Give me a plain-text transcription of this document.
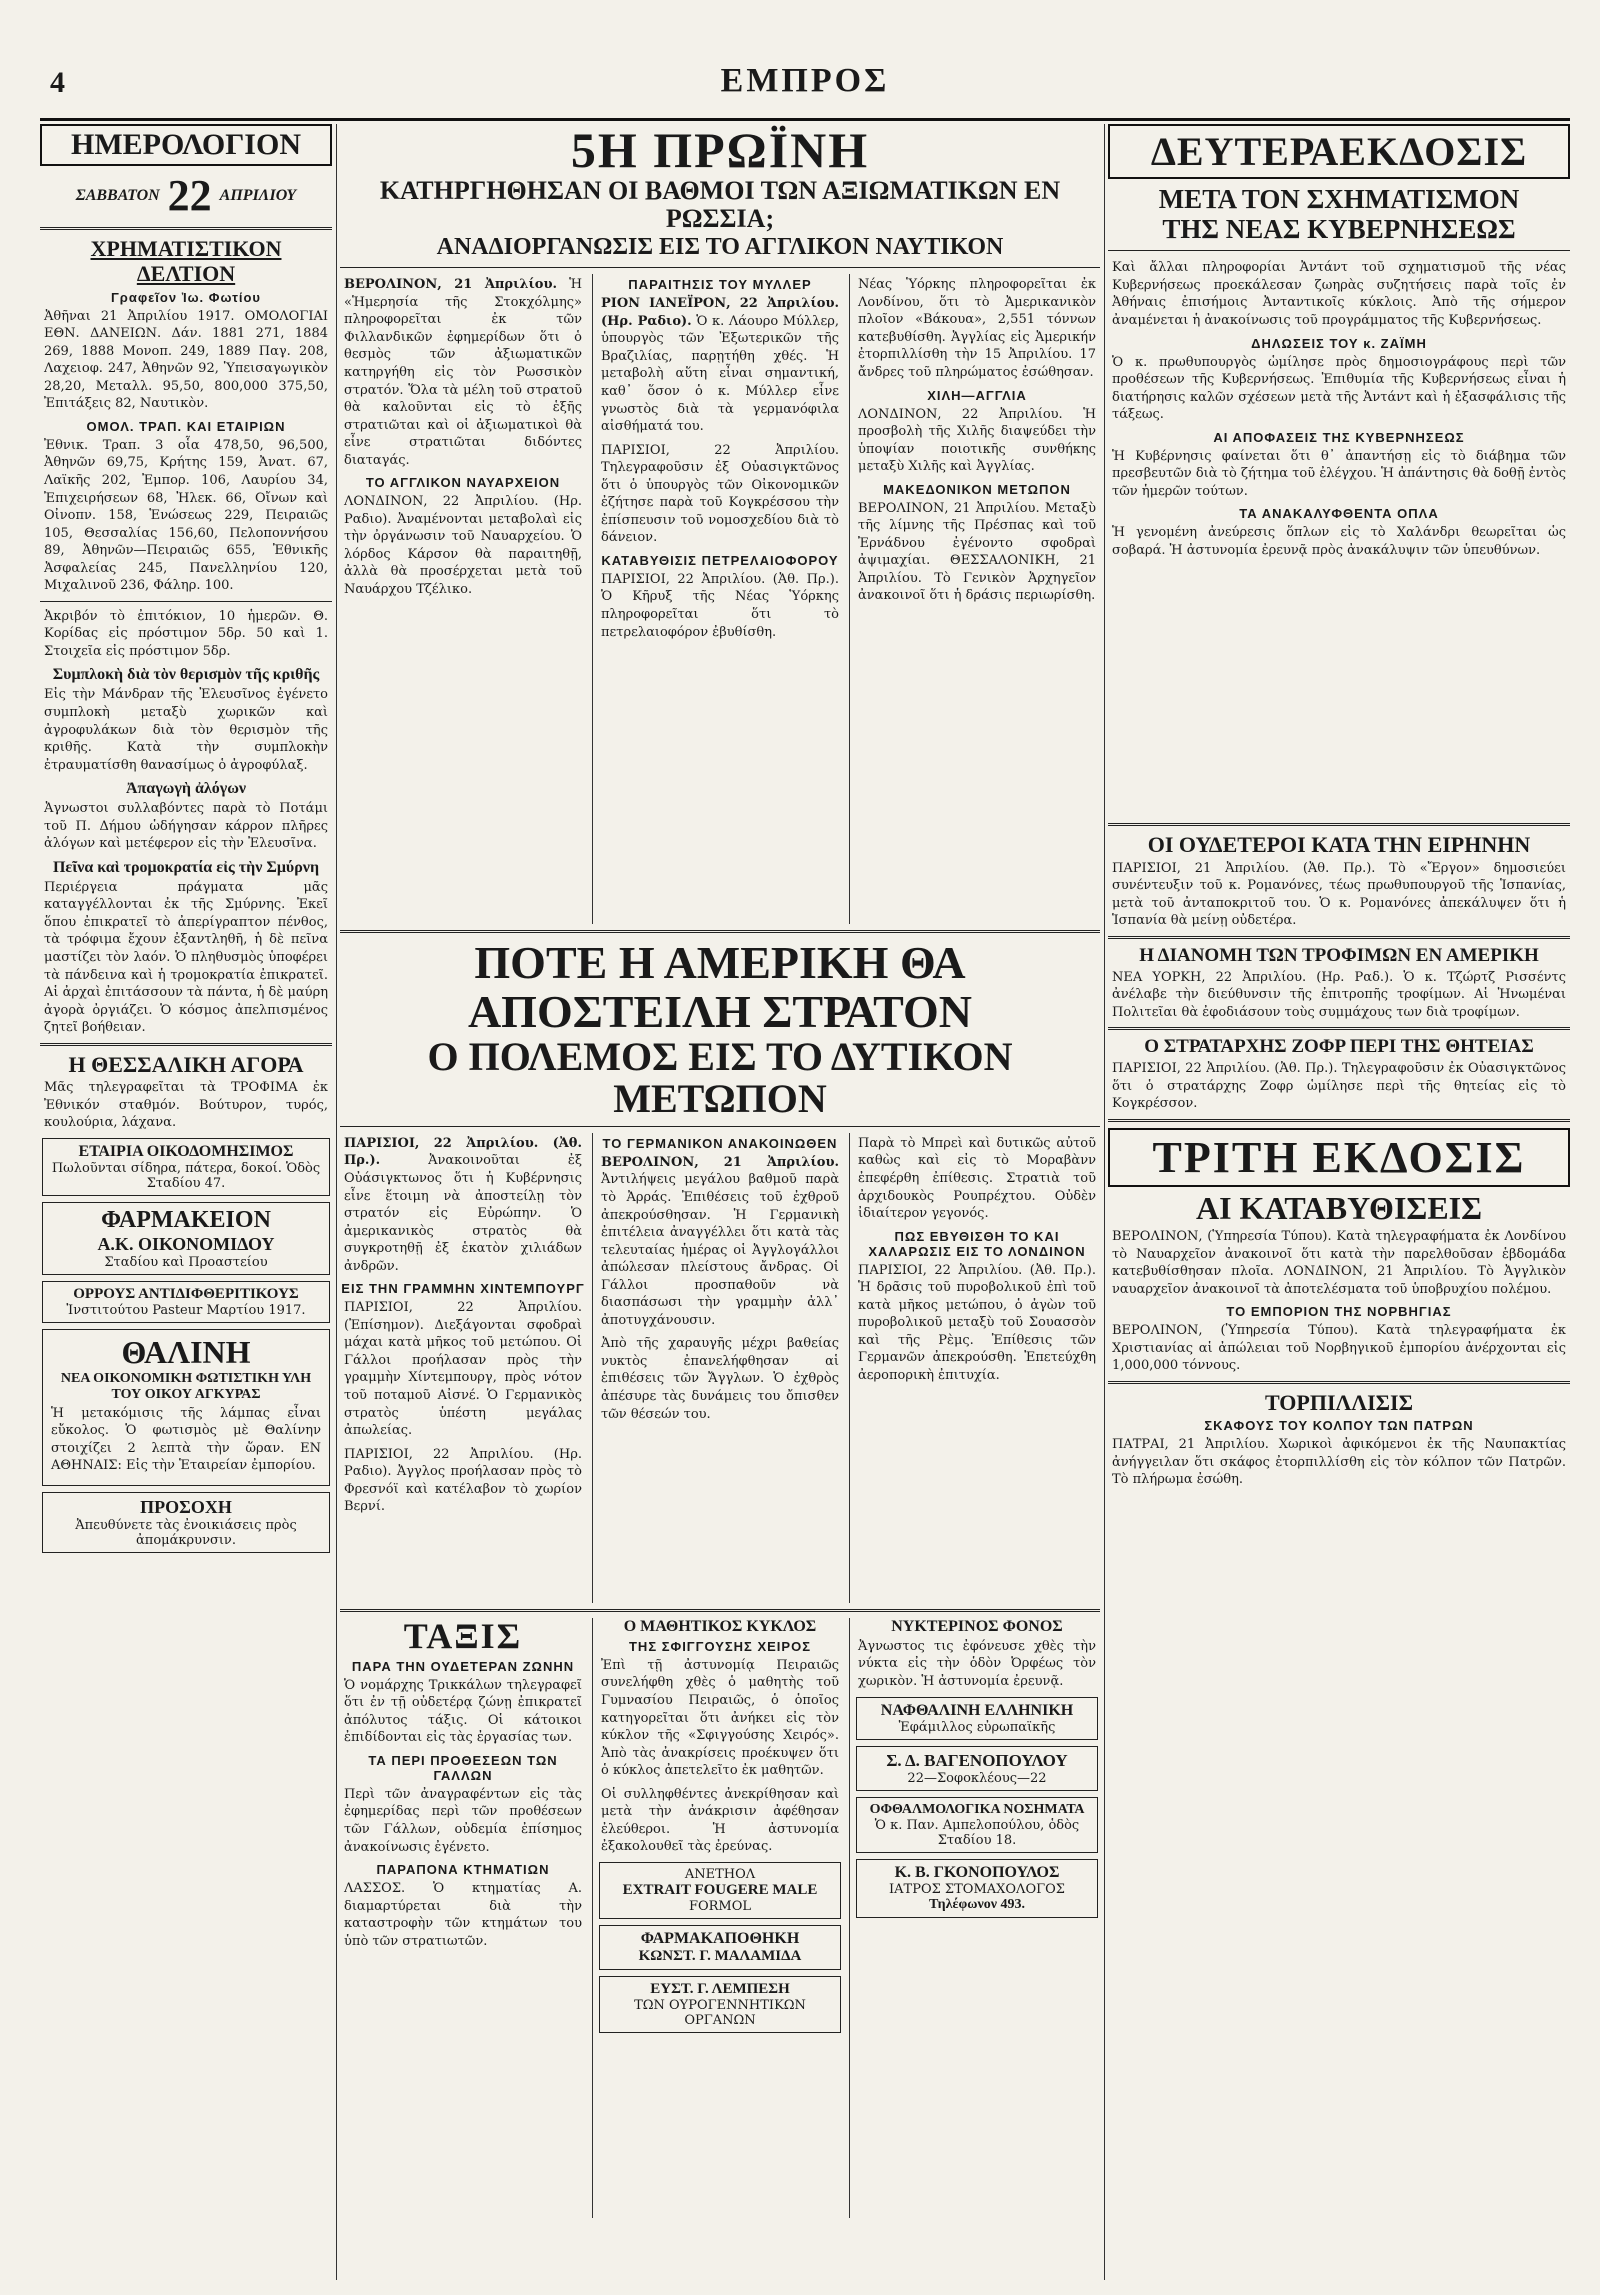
4	ΕΜΠΡΟΣ
ΗΜΕΡΟΛΟΓΙΟΝ
ΣΑΒΒΑΤΟΝ 22 ΑΠΡΙΛΙΟΥ
ΧΡΗΜΑΤΙΣΤΙΚΟΝ ΔΕΛΤΙΟΝ
Γραφεῖον Ἰω. Φωτίου

Ἀθῆναι 21 Ἀπριλίου 1917. ΟΜΟΛΟΓΙΑΙ ΕΘΝ. ΔΑΝΕΙΩΝ. Δάν. 1881 271, 1884 269, 1888 Μονοπ. 249, 1889 Παγ. 208, Λαχειοφ. 247, Ἀθηνῶν 92, Ὑπεισαγωγικὸν 28,20, Μεταλλ. 95,50, 800,000 375,50, Ἐπιτάξεις 82, Ναυτικὸν.

ΟΜΟΛ. ΤΡΑΠ. ΚΑΙ ΕΤΑΙΡΙΩΝ

Ἐθνικ. Τραπ. 3 οἷα 478,50, 96,500, Ἀθηνῶν 69,75, Κρήτης 159, Ἀνατ. 67, Λαϊκῆς 202, Ἐμπορ. 106, Λαυρίου 34, Ἐπιχειρήσεων 68, Ἠλεκ. 66, Οἴνων καὶ Οἰνοπν. 158, Ἑνώσεως 229, Πειραιῶς 105, Θεσσαλίας 156,60, Πελοποννήσου 89, Ἀθηνῶν—Πειραιῶς 655, Ἐθνικῆς Ἀσφαλείας 245, Πανελληνίου 120, Μιχαλινοῦ 236, Φάληρ. 100.

Ἀκριβόν τὸ ἐπιτόκιον, 10 ἡμερῶν. Θ. Κορίδας εἰς πρόστιμον 5δρ. 50 καὶ 1. Στοιχεῖα εἰς πρόστιμον 5δρ.

Συμπλοκὴ διὰ τὸν θερισμὸν τῆς κριθῆς

Εἰς τὴν Μάνδραν τῆς Ἐλευσῖνος ἐγένετο συμπλοκὴ μεταξὺ χωρικῶν καὶ ἀγροφυλάκων διὰ τὸν θερισμὸν τῆς κριθῆς. Κατὰ τὴν συμπλοκὴν ἐτραυματίσθη θανασίμως ὁ ἀγροφύλαξ.

Ἀπαγωγὴ ἀλόγων

Ἀγνωστοι συλλαβόντες παρὰ τὸ Ποτάμι τοῦ Π. Δήμου ὡδήγησαν κάρρον πλῆρες ἀλόγων καὶ μετέφερον εἰς τὴν Ἐλευσῖνα.

Πεῖνα καὶ τρομοκρατία εἰς τὴν Σμύρνη

Περιέργεια πράγματα μᾶς καταγγέλλονται ἐκ τῆς Σμύρνης. Ἐκεῖ ὅπου ἐπικρατεῖ τὸ ἀπερίγραπτον πένθος, τὰ τρόφιμα ἔχουν ἐξαντληθῆ, ἡ δὲ πεῖνα μαστίζει τὸν λαόν. Ὁ πληθυσμὸς ὑποφέρει τὰ πάνδεινα καὶ ἡ τρομοκρατία ἐπικρατεῖ. Αἱ ἀρχαὶ ἐπιτάσσουν τὰ πάντα, ἡ δὲ μαύρη ἀγορὰ ὀργιάζει. Ὁ κόσμος ἀπελπισμένος ζητεῖ βοήθειαν.

Η ΘΕΣΣΑΛΙΚΗ ΑΓΟΡΑ

Μᾶς τηλεγραφεῖται τὰ ΤΡΟΦΙΜΑ ἐκ Ἐθνικόν σταθμόν. Βούτυρον, τυρός, κουλούρια, λάχανα.

ΕΤΑΙΡΙΑ ΟΙΚΟΔΟΜΗΣΙΜΟΣ
Πωλοῦνται σίδηρα, πάτερα, δοκοί. Ὁδὸς Σταδίου 47.
ΦΑΡΜΑΚΕΙΟΝ
Α.Κ. ΟΙΚΟΝΟΜΙΔΟΥ
Σταδίου καὶ Προαστείου
ΟΡΡΟΥΣ ΑΝΤΙΔΙΦΘΕΡΙΤΙΚΟΥΣ
Ἰνστιτούτου Pasteur Μαρτίου 1917.
ΘΑΛΙΝΗ
ΝΕΑ ΟΙΚΟΝΟΜΙΚΗ ΦΩΤΙΣΤΙΚΗ ΥΛΗ ΤΟΥ ΟΙΚΟΥ ΑΓΚΥΡΑΣ

Ἡ μετακόμισις τῆς λάμπας εἶναι εὔκολος. Ὁ φωτισμὸς μὲ Θαλίνην στοιχίζει 2 λεπτὰ τὴν ὥραν. ΕΝ ΑΘΗΝΑΙΣ: Εἰς τὴν Ἑταιρείαν ἐμπορίου.

ΠΡΟΣΟΧΗ
Ἀπευθύνετε τὰς ἐνοικιάσεις πρὸς ἀπομάκρυνσιν.
5Η ΠΡΩΪΝΗ
ΚΑΤΗΡΓΗΘΗΣΑΝ ΟΙ ΒΑΘΜΟΙ ΤΩΝ ΑΞΙΩΜΑΤΙΚΩΝ ΕΝ ΡΩΣΣΙΑ;
ΑΝΑΔΙΟΡΓΑΝΩΣΙΣ ΕΙΣ ΤΟ ΑΓΓΛΙΚΟΝ ΝΑΥΤΙΚΟΝ

ΒΕΡΟΛΙΝΟΝ, 21 Ἀπριλίου. Ἡ «Ἡμερησία τῆς Στοκχόλμης» πληροφορεῖται ἐκ τῶν Φιλλανδικῶν ἐφημερίδων ὅτι ὁ θεσμὸς τῶν ἀξιωματικῶν κατηργήθη εἰς τὸν Ρωσσικὸν στρατόν. Ὅλα τὰ μέλη τοῦ στρατοῦ θὰ καλοῦνται εἰς τὸ ἑξῆς στρατιῶται καὶ οἱ ἀξιωματικοὶ θὰ εἶνε στρατιῶται διδόντες διαταγάς.

ΤΟ ΑΓΓΛΙΚΟΝ ΝΑΥΑΡΧΕΙΟΝ

ΛΟΝΔΙΝΟΝ, 22 Ἀπριλίου. (Ηρ. Ραδιο). Ἀναμένονται μεταβολαὶ εἰς τὴν ὀργάνωσιν τοῦ Ναυαρχείου. Ὁ λόρδος Κάρσον θὰ παραιτηθῇ, ἀλλὰ θὰ προσέρχεται μετὰ τοῦ Ναυάρχου Τζέλικο.

ΠΑΡΑΙΤΗΣΙΣ ΤΟΥ ΜΥΛΛΕΡ

ΡΙΟΝ ΙΑΝΕΪΡΟΝ, 22 Ἀπριλίου. (Ηρ. Ραδιο). Ὁ κ. Λάουρο Μύλλερ, ὑπουργὸς τῶν Ἐξωτερικῶν τῆς Βραζιλίας, παρῃτήθη χθές. Ἡ μεταβολὴ αὕτη εἶναι σημαντική, καθ᾿ ὅσον ὁ κ. Μύλλερ εἶνε γνωστὸς διὰ τὰ γερμανόφιλα αἰσθήματά του.

ΠΑΡΙΣΙΟΙ, 22 Ἀπριλίου. Τηλεγραφοῦσιν ἐξ Οὐασιγκτῶνος ὅτι ὁ ὑπουργὸς τῶν Οἰκονομικῶν ἐζήτησε παρὰ τοῦ Κογκρέσσου τὴν ἐπίσπευσιν τοῦ νομοσχεδίου διὰ τὸ δάνειον.

ΚΑΤΑΒΥΘΙΣΙΣ ΠΕΤΡΕΛΑΙΟΦΟΡΟΥ

ΠΑΡΙΣΙΟΙ, 22 Ἀπριλίου. (Ἀθ. Πρ.). Ὁ Κῆρυξ τῆς Νέας Ὑόρκης πληροφορεῖται ὅτι τὸ πετρελαιοφόρον ἐβυθίσθη.

Νέας Ὑόρκης πληροφορεῖται ἐκ Λονδίνου, ὅτι τὸ Ἀμερικανικὸν πλοῖον «Βάκουα», 2,551 τόννων κατεβυθίσθη. Ἀγγλίας εἰς Ἀμερικήν ἐτορπιλλίσθη τὴν 15 Ἀπριλίου. 17 ἄνδρες τοῦ πληρώματος ἐσώθησαν.

ΧΙΛΗ—ΑΓΓΛΙΑ

ΛΟΝΔΙΝΟΝ, 22 Ἀπριλίου. Ἡ προσβολὴ τῆς Χιλῆς διαψεύδει τὴν ὑποψίαν ποιοτικῆς συνθήκης μεταξὺ Χιλῆς καὶ Ἀγγλίας.

ΜΑΚΕΔΟΝΙΚΟΝ ΜΕΤΩΠΟΝ

ΒΕΡΟΛΙΝΟΝ, 21 Ἀπριλίου. Μεταξὺ τῆς λίμνης τῆς Πρέσπας καὶ τοῦ Ἐρνάδνου ἐγένοντο σφοδραὶ ἀψιμαχίαι. ΘΕΣΣΑΛΟΝΙΚΗ, 21 Ἀπριλίου. Τὸ Γενικὸν Ἀρχηγεῖον ἀνακοινοῖ ὅτι ἡ δράσις περιωρίσθη.

ΠΟΤΕ Η ΑΜΕΡΙΚΗ ΘΑ ΑΠΟΣΤΕΙΛΗ ΣΤΡΑΤΟΝ
Ο ΠΟΛΕΜΟΣ ΕΙΣ ΤΟ ΔΥΤΙΚΟΝ ΜΕΤΩΠΟΝ

ΠΑΡΙΣΙΟΙ, 22 Ἀπριλίου. (Ἀθ. Πρ.).	Ἀνακοινοῦται ἐξ Οὐάσιγκτωνος ὅτι ἡ Κυβέρνησις εἶνε ἕτοιμη νὰ ἀποστείλῃ τὸν στρατόν εἰς Εὐρώπην. Ὁ ἀμερικανικὸς στρατὸς θὰ συγκροτηθῇ ἐξ ἑκατὸν χιλιάδων ἀνδρῶν.

ΕΙΣ ΤΗΝ ΓΡΑΜΜΗΝ ΧΙΝΤΕΜΠΟΥΡΓ

ΠΑΡΙΣΙΟΙ, 22 Ἀπριλίου. (Ἐπίσημον). Διεξάγονται σφοδραὶ μάχαι κατὰ μῆκος τοῦ μετώπου. Οἱ Γάλλοι προήλασαν πρὸς τὴν γραμμὴν Χίντεμπουργ, πρὸς νότον τοῦ ποταμοῦ Αἰσνέ. Ὁ Γερμανικὸς στρατὸς ὑπέστη μεγάλας ἀπωλείας.

ΠΑΡΙΣΙΟΙ, 22 Ἀπριλίου. (Ηρ. Ραδιο). Ἀγγλος προήλασαν πρὸς τὸ Φρεσνόϊ καὶ κατέλαβον τὸ χωρίον Βερνί.

ΤΟ ΓΕΡΜΑΝΙΚΟΝ ΑΝΑΚΟΙΝΩΘΕΝ

ΒΕΡΟΛΙΝΟΝ, 21 Ἀπριλίου. Ἀντιλήψεις μεγάλου βαθμοῦ παρὰ τὸ Ἀρράς. Ἐπιθέσεις τοῦ ἐχθροῦ ἀπεκρούσθησαν. Ἡ Γερμανικὴ ἐπιτέλεια ἀναγγέλλει ὅτι κατὰ τὰς τελευταίας ἡμέρας οἱ Ἀγγλογάλλοι ἀπώλεσαν πλείστους ἄνδρας. Οἱ Γάλλοι προσπαθοῦν νὰ διασπάσωσι τὴν γραμμὴν ἀλλ᾿ ἀποτυγχάνουσιν.

Ἀπὸ τῆς χαραυγῆς μέχρι βαθείας νυκτὸς ἐπανελήφθησαν αἱ ἐπιθέσεις τῶν Ἄγγλων. Ὁ ἐχθρὸς ἀπέσυρε τὰς δυνάμεις του ὄπισθεν τῶν θέσεών του.

Παρὰ τὸ Μπρεὶ καὶ δυτικῶς αὐτοῦ καθὼς καὶ εἰς τὸ Μοραβὰνν ἐπεφέρθη ἐπίθεσις. Στρατιὰ τοῦ ἀρχιδουκὸς Ρουπρέχτου. Οὐδὲν ἰδιαίτερον γεγονός.

ΠΩΣ ΕΒΥΘΙΣΘΗ ΤΟ ΚΑΙ ΧΑΛΑΡΩΣΙΣ ΕΙΣ ΤΟ ΛΟΝΔΙΝΟΝ

ΠΑΡΙΣΙΟΙ, 22 Ἀπριλίου. (Ἀθ. Πρ.). Ἡ δρᾶσις τοῦ πυροβολικοῦ ἐπὶ τοῦ κατὰ μῆκος μετώπου, ὁ ἀγὼν τοῦ πυροβολικοῦ μεταξὺ τοῦ Σουασσὸν καὶ τῆς Ρὲμς. Ἐπίθεσις τῶν Γερμανῶν ἀπεκρούσθη. Ἐπετεύχθη ἀεροπορικὴ ἐπιτυχία.

ΤΑΞΙΣ
ΠΑΡΑ ΤΗΝ ΟΥΔΕΤΕΡΑΝ ΖΩΝΗΝ

Ὁ νομάρχης Τρικκάλων τηλεγραφεῖ ὅτι ἐν τῇ οὐδετέρᾳ ζώνῃ ἐπικρατεῖ ἀπόλυτος τάξις. Οἱ κάτοικοι ἐπιδίδονται εἰς τὰς ἐργασίας των.

ΤΑ ΠΕΡΙ ΠΡΟΘΕΣΕΩΝ ΤΩΝ ΓΑΛΛΩΝ

Περὶ τῶν ἀναγραφέντων εἰς τὰς ἐφημερίδας περὶ τῶν προθέσεων τῶν Γάλλων, οὐδεμία ἐπίσημος ἀνακοίνωσις ἐγένετο.

ΠΑΡΑΠΟΝΑ ΚΤΗΜΑΤΙΩΝ

ΛΑΣΣΟΣ. Ὁ κτηματίας Α. διαμαρτύρεται διὰ τὴν καταστροφὴν τῶν κτημάτων του ὑπὸ τῶν στρατιωτῶν.

Ο ΜΑΘΗΤΙΚΟΣ ΚΥΚΛΟΣ
ΤΗΣ ΣΦΙΓΓΟΥΣΗΣ ΧΕΙΡΟΣ

Ἐπὶ τῇ ἀστυνομίᾳ Πειραιῶς συνελήφθη χθὲς ὁ μαθητὴς τοῦ Γυμνασίου Πειραιῶς, ὁ ὁποῖος κατηγορεῖται ὅτι ἀνήκει εἰς τὸν κύκλον τῆς «Σφιγγούσης Χειρός». Ἀπὸ τὰς ἀνακρίσεις προέκυψεν ὅτι ὁ κύκλος ἀπετελεῖτο ἐκ μαθητῶν.

Οἱ συλληφθέντες ἀνεκρίθησαν καὶ μετὰ τὴν ἀνάκρισιν ἀφέθησαν ἐλεύθεροι. Ἡ ἀστυνομία ἐξακολουθεῖ τὰς ἐρεύνας.

ΑΝΕΤΗΟΛ
EXTRAIT FOUGERE MALE
FORMOL
ΦΑΡΜΑΚΑΠΟΘΗΚΗ
ΚΩΝΣΤ. Γ. ΜΑΛΑΜΙΔΑ
ΕΥΣΤ. Γ. ΛΕΜΠΕΣΗ
ΤΩΝ ΟΥΡΟΓΕΝΝΗΤΙΚΩΝ ΟΡΓΑΝΩΝ
ΝΥΚΤΕΡΙΝΟΣ ΦΟΝΟΣ

Ἀγνωστος τις ἐφόνευσε χθὲς τὴν νύκτα εἰς τὴν ὁδὸν Ὀρφέως τὸν χωρικὸν. Ἡ ἀστυνομία ἐρευνᾷ.

ΝΑΦΘΑΛΙΝΗ ΕΛΛΗΝΙΚΗ
Ἐφάμιλλος εὐρωπαϊκῆς
Σ. Δ. ΒΑΓΕΝΟΠΟΥΛΟΥ
22—Σοφοκλέους—22
ΟΦΘΑΛΜΟΛΟΓΙΚΑ ΝΟΣΗΜΑΤΑ
Ὁ κ. Παν. Αμπελοπούλου, ὁδὸς Σταδίου 18.
Κ. Β. ΓΚΟΝΟΠΟΥΛΟΣ
ΙΑΤΡΟΣ ΣΤΟΜΑΧΟΛΟΓΟΣ
Τηλέφωνον 493.
ΔΕΥΤΕΡΑΕΚΔΟΣΙΣ
ΜΕΤΑ ΤΟΝ ΣΧΗΜΑΤΙΣΜΟΝ
ΤΗΣ ΝΕΑΣ ΚΥΒΕΡΝΗΣΕΩΣ

Καὶ ἄλλαι πληροφορίαι Ἀντάντ τοῦ σχηματισμοῦ τῆς νέας Κυβερνήσεως προεκάλεσαν ζωηρὰς συζητήσεις παρὰ τοῖς ἐν Ἀθήναις ἐπισήμοις Ἀνταντικοῖς κύκλοις. Ἀπὸ τῆς σήμερον ἀναμένεται ἡ ἀνακοίνωσις τοῦ προγράμματος τῆς Κυβερνήσεως.

ΔΗΛΩΣΕΙΣ ΤΟΥ κ. ΖΑΪΜΗ

Ὁ κ. πρωθυπουργὸς ὡμίλησε πρὸς δημοσιογράφους περὶ τῶν προθέσεων τῆς Κυβερνήσεως. Ἐπιθυμία τῆς Κυβερνήσεως εἶναι ἡ διατήρησις καλῶν σχέσεων μετὰ τῆς Ἀντάντ καὶ ἡ ἐξασφάλισις τῆς τάξεως.

ΑΙ ΑΠΟΦΑΣΕΙΣ ΤΗΣ ΚΥΒΕΡΝΗΣΕΩΣ

Ἡ Κυβέρνησις φαίνεται ὅτι θ᾿ ἀπαντήσῃ εἰς τὸ διάβημα τῶν πρεσβευτῶν διὰ τὸ ζήτημα τοῦ ἐλέγχου. Ἡ ἀπάντησις θὰ δοθῇ ἐντὸς τῶν ἡμερῶν τούτων.

ΤΑ ΑΝΑΚΑΛΥΦΘΕΝΤΑ ΟΠΛΑ

Ἡ γενομένη ἀνεύρεσις ὅπλων εἰς τὸ Χαλάνδρι θεωρεῖται ὡς σοβαρά. Ἡ ἀστυνομία ἐρευνᾷ πρὸς ἀνακάλυψιν τῶν ὑπευθύνων.

ΟΙ ΟΥΔΕΤΕΡΟΙ ΚΑΤΑ ΤΗΝ ΕΙΡΗΝΗΝ

ΠΑΡΙΣΙΟΙ, 21 Ἀπριλίου. (Ἀθ. Πρ.). Τὸ «Ἔργον» δημοσιεύει συνέντευξιν τοῦ κ. Ρομανόνες, τέως πρωθυπουργοῦ τῆς Ἱσπανίας, μετὰ τοῦ ἀνταποκριτοῦ του. Ὁ κ. Ρομανόνες ἀπεκάλυψεν ὅτι ἡ Ἱσπανία θὰ μείνῃ οὐδετέρα.

Η ΔΙΑΝΟΜΗ ΤΩΝ ΤΡΟΦΙΜΩΝ ΕΝ ΑΜΕΡΙΚΗ

ΝΕΑ ΥΟΡΚΗ, 22 Ἀπριλίου. (Ηρ. Ραδ.). Ὁ κ. Τζώρτζ Ρισσέντς ἀνέλαβε τὴν διεύθυνσιν τῆς ἐπιτροπῆς τροφίμων. Αἱ Ἡνωμέναι Πολιτεῖαι θὰ ἐφοδιάσουν τοὺς συμμάχους των διὰ τροφίμων.

Ο ΣΤΡΑΤΑΡΧΗΣ ΖΟΦΡ ΠΕΡΙ ΤΗΣ ΘΗΤΕΙΑΣ

ΠΑΡΙΣΙΟΙ, 22 Ἀπριλίου. (Ἀθ. Πρ.). Τηλεγραφοῦσιν ἐκ Οὐασιγκτῶνος ὅτι ὁ στρατάρχης Ζοφρ ὡμίλησε περὶ τῆς θητείας εἰς τὸ Κογκρέσσον.

ΤΡΙΤΗ ΕΚΔΟΣΙΣ
ΑΙ ΚΑΤΑΒΥΘΙΣΕΙΣ

ΒΕΡΟΛΙΝΟΝ, (Ὑπηρεσία Τύπου). Κατὰ τηλεγραφήματα ἐκ Λονδίνου τὸ Ναυαρχεῖον ἀνακοινοῖ ὅτι κατὰ τὴν παρελθοῦσαν ἑβδομάδα κατεβυθίσθησαν πλοῖα. ΛΟΝΔΙΝΟΝ, 21 Ἀπριλίου. Τὸ Ἀγγλικὸν ναυαρχεῖον ἀνακοινοῖ τὰ ἀποτελέσματα τοῦ ὑποβρυχίου πολέμου.

ΤΟ ΕΜΠΟΡΙΟΝ ΤΗΣ ΝΟΡΒΗΓΙΑΣ

ΒΕΡΟΛΙΝΟΝ, (Ὑπηρεσία Τύπου). Κατὰ τηλεγραφήματα ἐκ Χριστιανίας αἱ ἀπώλειαι τοῦ Νορβηγικοῦ ἐμπορίου ἀνέρχονται εἰς 1,000,000 τόννους.

ΤΟΡΠΙΛΛΙΣΙΣ
ΣΚΑΦΟΥΣ ΤΟΥ ΚΟΛΠΟΥ ΤΩΝ ΠΑΤΡΩΝ

ΠΑΤΡΑΙ, 21 Ἀπριλίου. Χωρικοὶ ἀφικόμενοι ἐκ τῆς Ναυπακτίας ἀνήγγειλαν ὅτι σκάφος ἐτορπιλλίσθη εἰς τὸν κόλπον τῶν Πατρῶν. Τὸ πλήρωμα ἐσώθη.
